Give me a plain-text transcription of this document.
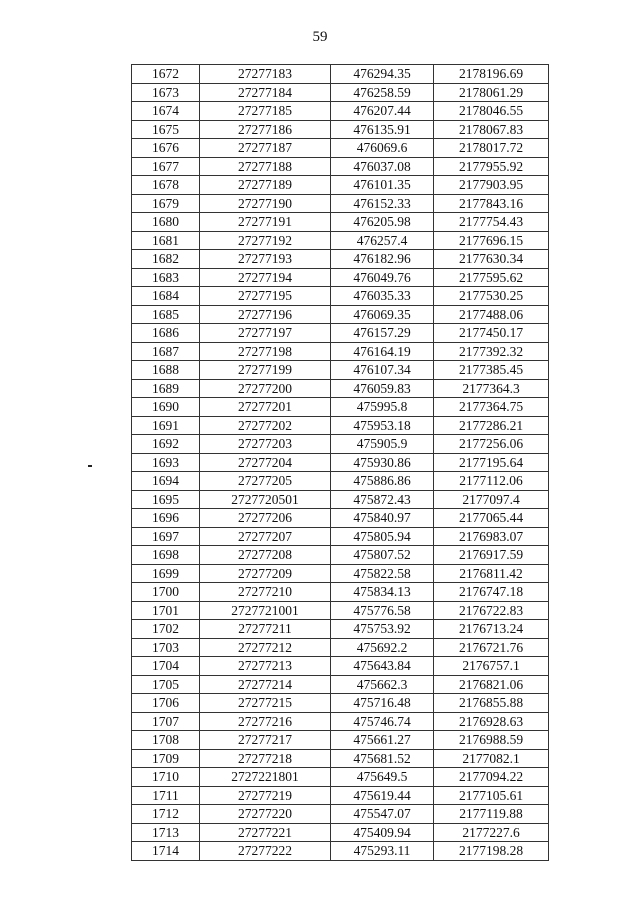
59
1672	27277183	476294.35	2178196.69
1673	27277184	476258.59	2178061.29
1674	27277185	476207.44	2178046.55
1675	27277186	476135.91	2178067.83
1676	27277187	476069.6	2178017.72
1677	27277188	476037.08	2177955.92
1678	27277189	476101.35	2177903.95
1679	27277190	476152.33	2177843.16
1680	27277191	476205.98	2177754.43
1681	27277192	476257.4	2177696.15
1682	27277193	476182.96	2177630.34
1683	27277194	476049.76	2177595.62
1684	27277195	476035.33	2177530.25
1685	27277196	476069.35	2177488.06
1686	27277197	476157.29	2177450.17
1687	27277198	476164.19	2177392.32
1688	27277199	476107.34	2177385.45
1689	27277200	476059.83	2177364.3
1690	27277201	475995.8	2177364.75
1691	27277202	475953.18	2177286.21
1692	27277203	475905.9	2177256.06
1693	27277204	475930.86	2177195.64
1694	27277205	475886.86	2177112.06
1695	2727720501	475872.43	2177097.4
1696	27277206	475840.97	2177065.44
1697	27277207	475805.94	2176983.07
1698	27277208	475807.52	2176917.59
1699	27277209	475822.58	2176811.42
1700	27277210	475834.13	2176747.18
1701	2727721001	475776.58	2176722.83
1702	27277211	475753.92	2176713.24
1703	27277212	475692.2	2176721.76
1704	27277213	475643.84	2176757.1
1705	27277214	475662.3	2176821.06
1706	27277215	475716.48	2176855.88
1707	27277216	475746.74	2176928.63
1708	27277217	475661.27	2176988.59
1709	27277218	475681.52	2177082.1
1710	2727221801	475649.5	2177094.22
1711	27277219	475619.44	2177105.61
1712	27277220	475547.07	2177119.88
1713	27277221	475409.94	2177227.6
1714	27277222	475293.11	2177198.28
